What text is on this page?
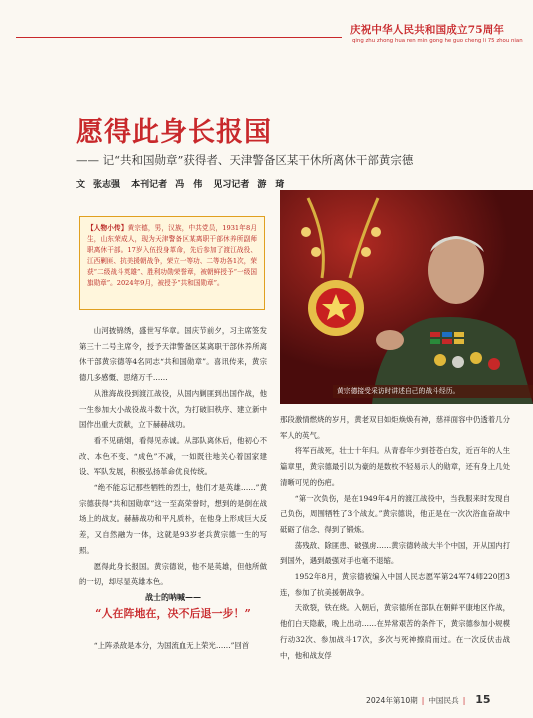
庆祝中华人民共和国成立75周年
qing zhu zhong hua ren min gong he guo cheng li 75 zhou nian
愿得此身长报国
—— 记“共和国勋章”获得者、天津警备区某干休所离休干部黄宗德
文 张志强 本刊记者 冯　伟 见习记者 游　琦
【人物小传】黄宗德，男，汉族，中共党员，1931年8月生，山东荣成人，现为天津警备区某离职干部休养所副师职离休干部。17岁入伍投身革命，先后参加了渡江战役、江西剿匪、抗美援朝战争，荣立一等功、二等功各1次，荣获“二级战斗英雄”、胜利功勋荣誉章，被朝鲜授予“一级国旗勋章”。2024年9月，被授予“共和国勋章”。
黄宗德接受采访时讲述自己的战斗经历。

山河披锦绣，盛世写华章。国庆节前夕，习主席签发第三十二号主席令，授予天津警备区某离职干部休养所离休干部黄宗德等4名同志“共和国勋章”。喜讯传来，黄宗德几多感慨、思绪万千……

从淮海战役到渡江战役，从国内剿匪到出国作战，他一生参加大小战役战斗数十次，为打破旧秩序、建立新中国作出重大贡献，立下赫赫战功。

看不见硝烟，看得见赤诚。从部队离休后，他初心不改、本色不变、“成色”不减，一如既往地关心着国家建设、军队发展，积极弘扬革命优良传统。

“绝不能忘记那些牺牲的烈士，他们才是英雄……”黄宗德获得“共和国勋章”这一至高荣誉时，想到的是倒在战场上的战友。赫赫战功和平凡质朴，在他身上形成巨大反差，又自然融为一体，这就是93岁老兵黄宗德一生的写照。

愿得此身长报国。黄宗德说，他不是英雄，但他所做的一切，却尽显英雄本色。

战士的呐喊——
“人在阵地在，决不后退一步！”

“上阵杀敌是本分，为国流血无上荣光……”回首

那段激情燃烧的岁月，黄老双目如炬焕焕有神，慈祥面容中仍透着几分军人的英气。

将军百战死，壮士十年归。从青春年少到苍苍白发，近百年的人生篇章里，黄宗德最引以为豪的是数枚不轻易示人的勋章，还有身上几处清晰可见的伤疤。

“第一次负伤，是在1949年4月的渡江战役中，当我服来时发现自己负伤，周围牺牲了3个战友。”黄宗德说，他正是在一次次浴血奋战中砥砺了信念、得到了锻炼。

荡残敌、除匪患、破强虏……黄宗德转战大半个中国，开从国内打到国外，遇到最强对手也毫不退缩。

1952年8月，黄宗德被编入中国人民志愿军第24军74师220团3连，参加了抗美援朝战争。

天欲裂，铁在烧。入朝后，黄宗德所在部队在朝鲜平康地区作战，他们白天隐蔽，晚上出动……在异常艰苦的条件下，黄宗德参加小规模行动32次、参加战斗17次，多次与死神擦肩而过。在一次反伏击战中，他和战友俘

2024年第10期 | 中国民兵 | 15
